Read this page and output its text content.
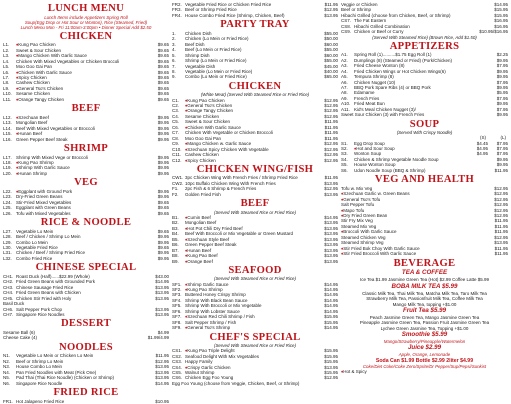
LUNCH MENU
Lunch Items include Appetizers Spring Roll
Soup(Egg Drop or Hot Sour or Wonton), Rice (Steamed, Fried)
Lunch Menu Mon - Fri 11:00am-3:00pm • Dinner Special Add $2.50
CHICKEN
L1.	♦ Kung Pao Chicken	$9.65
L2.	Sweet & Sour Chicken	$9.65
L3.	♦ Mango Chicken With Garlic Sauce	$9.65
L4.	Chicken With Mixed Vegetables or Chicken Broccoli	$9.65
L5.	Moo Goo Gai Pan	$9.65
L6.	♦ Chicken With Garlic Sauce	$9.65
L7.	♦ Spicy Chicken	$9.65
L8.	Cashew Chicken	$9.65
L9.	♦ General Tso's Chicken	$9.65
L10. Sesame Chicken	$9.65
L11.	♦ Orange Tangy Chicken	$9.65
BEEF
L12. ♦ Szechuan Beef	$9.95
L13. Mongolian Beef	$9.95
L14. Beef With Mixed Vegetables or Broccoli	$9.95
L15. ♦ Hunan Beef	$9.95
L16. Green Pepper Beef Steak	$9.95
SHRIMP
L17. Shrimp With Mixed Vege or Broccoli	$9.95
L18. ♦ Kung Pao Shrimp	$9.95
L19. ♦ Shrimp With Garlic Sauce	$9.95
L20. ♦ Hunan Shrimp	$9.95
VEG
L22. ♦ Eggplant with Ground Pork	$9.95
L23. Dry-Fried Green Beans	$9.95
L24. Stir-Fried Mixed Vegetables	$9.65
L25. Eggplant with Green Beans	$9.65
L26. Tofu with Mixed Vegetables	$9.65
RICE & NOODLE
L27. Vegetable Lo Mein	$9.65
L28. Beef / Chicken / Shrimp Lo Mein	$9.95
L29. Combo Lo Mein	$9.95
L30. Vegetable Fried Rice	$9.65
L31. Chicken / Beef / Shrimp Fried Rice	$9.95
L32. Combo Fried Rice	$9.95
CHINESE SPECIAL
CH1. Roast Duck (Half)......$22.99 (Whole)	$43.00
CH2. Fried Green Beans with Grounded Pork	$14.95
CH3. Chinese Sausage Fried Rice	$13.95
CH4. Fried Green Beans with Chicken	$13.95
CH5. Chicken Stir Fried with Holy	$13.95
Basil Duck
CH6. Salt Pepper Pork Chop	$13.95
CH7. Singapore Rice Noodles	$13.95
DESSERT
Sesame Ball (6)	$4.99
Cheese Cake (4)	$1.99/4.99
NOODLES
N1.	Vegetable Lo Mein or Chicken Lo Mein	$11.95
N2.	Beef or Shrimp Lo Mein	$12.95
N3.	House Combo Lo Mein	$13.95
N4.	Pan Fried Noodles with Meat (Pick One)	$13.95
N5.	Pad Thai (Thai Rice Noodle) (Chicken or Shrimp)	$13.95
N6.	Singapore Rice Noodle	$14.95
FRIED RICE
FR1. Hot Jalapeno Fried Rice	$10.95
FR2. Vegetable Fried Rice or Chicken Fried Rice	$11.95
FR3. Beef or Shrimp Fried Rice	$12.95
FR4. House Combo Fried Rice (Shrimp, Chicken, Beef)	$13.95
PARTY TRAY
1.	Chicken Dish	$55.00
2.	Chicken (Lo Mein or Fried Rice)	$50.00
3.	Beef Dish	$60.00
4.	Beef (Lo Mein or Fried Rice)	$55.00
5.	Shrimp Dish	$60.00
6.	Shrimp (Lo Mein or Fried Rice)	$55.00
7.	Vegetable Dish	$45.00
8.	Vegetable (Lo Mein or Fried Rice)	$40.00
9.	Combo (Lo Mein or Fried Rice)	$65.00
CHICKEN
(White Meat) (Served With Steamed Rice or Fried Rice)
C1.	♦ Kung Pao Chicken	$12.95
C2.	♦ General Tso's Chicken	$12.95
C3.	♦ Orange Tangy Chicken	$12.95
C4.	Sesame Chicken	$12.95
C5.	Sweet & Sour Chicken	$11.95
C6.	♦ Chicken With Garlic Sauce	$11.95
C7.	Chicken With Vegetable or Chicken Broccoli	$11.95
C8.	Moo Goo Gai Pan	$11.95
C9.	♦ Mango Chicken w. Garlic Sauce	$12.95
C10. ♦ Szechuan Spicy Chicken With Vegetable	$12.95
C11. Cashew Chicken	$12.95
C12. ♦ Spicy Chicken	$12.95
CHICKEN WING/FISH
CW1. 3pc Chicken Wing With French Fries / Shrimp Fried Rice	$11.95
CW2. 10pc Buffalo Chicken Wing With French Fries	$13.95
F1.	2pc Fish & 6 Shrimp & French Fries	$12.95
F2.	Golden Fried Fish	$13.95
BEEF
(Served With Steamed Rice or Fried Rice)
B1.	♦ Cumin Beef	$14.95
B2.	Mongolian Beef	$13.95
B3.	♦ Hot Pot Chili Dry Fried Beef	$13.95
B4.	Beef With Broccoli or Mix Vegetable or Green Mustard	$13.95
B5.	♦ Szechuan Style Beef	$13.95
B6.	Green Pepper Beef Steak	$13.95
B7.	♦ Hunan Beef	$13.95
B8.	♦ Kung Pao Beef	$13.95
B9.	♦ Orange Beef	$13.95
SEAFOOD
(Served With Steamed Rice or Fried Rice)
SF1. ♦ Shrimp Garlic Sauce	$14.95
SF2. ♦ Kung Pao Shrimp	$14.95
SF3. Buttered Honey Crispy Shrimp	$14.95
SF4. Shrimp With Black Bean Sauce	$14.95
SF5. Shrimp With Broccoli or Mix Vegetable	$14.95
SF6. Shrimp With Lobster Sauce	$14.95
SF7. ♦ Szechuan Red Chili Shrimp / Fish	$15.95
SF8. Salt Pepper Shrimp / Fish	$15.95
SF9. ♦ General Tso's Shrimp	$14.95
CHEF'S SPECIAL
(Served With Steamed Rice or Fried Rice)
CS1. ♦ Kung Pao Triple Delight	$15.95
CS2. Seafood Delight With Mix Vegetables	$15.95
CS3. Happy Family	$15.95
CS4. ♦ Crispy Garlic Chicken	$13.95
CS5. Walnut Shrimp	$15.95
CS6. Chicken Egg Foo Young	$12.95
Egg Foo Young (choose from Veggie, Chicken, Beef, or Shrimp)
Veggie or Chicken	$14.95
Beef or Shrimp	$15.95
Hibachi Grilled (choose from Chicken, Beef, or Shrimp)	$15.95
CS7. The Fat Eastern	$16.95
CS8. Hibachi Grilled Combination	$16.95
CS9. Chicken or Beef or Curry	$10.95/$16.95
(Served With Steamed Rice) (Brown Rice, Add $1.50)
APPETIZERS
A1.	Spring Roll (1)..........$1.75 Egg Roll (1)	$2.25
A2.	Dumplings (8) (Steamed or Fried) (Pork/Chicken)	$9.95
A3.	Fried Cheese Wonton (8)	$7.95
A4.	Fried Chicken Wings or Hot Chicken Wings(6)	$9.95
A5.	Tempura Shrimp (8)	$9.95
A6.	Chicken Nugget (10)	$7.95
A7.	BBQ Pork Spare Ribs (4) or BBQ Pork	$9.95
A8.	Edamame	$5.95
A9.	French Fries	$7.95
A10. Fried Meat Bun	$9.95
A11. Kid's Meal Chicken Nugget (3)/	$7.95
Sweet Sour Chicken (3) with French Fries	$9.95
SOUP
(Served With Crispy Noodle)
(S)	(L)
S1.	Egg Drop Soup	$4.45	$7.95
S2.	♦ Hot and Sour Soup	$4.95	$7.95
S3.	Wonton Soup	$4.95	$7.95
S4.	Chicken & Shrimp Vegetable Noodle Soup	$9.95
S5.	House Wonton Soup	$9.95
S6.	Udon Noodle Soup (BBQ & Shrimp)	$11.95
VEG AND HEALTH
Tofu w. Mix Veg	$12.95
♦ Szechuan Garlic w. Green Beans	$12.95
♦ General Tso's Tofu	$12.95
Salt Pepper Tofu	$12.95
♦ Mapo Tofu	$12.95
♦ Dry Fried Green Bean	$12.95
Stir Fry Mix Veg	$11.95
Steamed Mix Veg	$11.95
♦ Broccoli With Garlic Sauce	$11.95
Steamed Chicken Veg	$12.95
Steamed Shrimp Veg	$13.95
♦ Stir Fried Bok Choy With Garlic Sauce	$11.95
♦ Stir Fried Broccoli With Garlic Sauce	$11.95
BEVERAGE
TEA & COFFEE
Ice Tea $1.99 Jasmine Green Tea (Hot) $2.99 Coffee Latte $5.99
BOBA MILK TEA $5.99
Classic Milk Tea, Thai Milk Tea, Matcha Milk Tea, Taro Milk Tea
Strawberry Milk Tea, Passionfruit Milk Tea, Coffee Milk Tea
Mango Milk Tea, topping +$1.00
Fruit Tea $5.99
Peach Jasmine Green Tea, Mango Jasmine Green Tea
Pineapple Jasmine Green Tea, Passion Fruit Jasmine Green Tea
Lychee Green Jasmine Tea, Topping +$1.00
Smoothie $5.99
Mango/Strawberry/Pineapple/Watermelon
Juice $2.99
Apple, Orange, Lemonade
Soda Can $1.99 Bottle $2.99 2liter $4.99
Coke/Diet Coke/Coke Zero/Sprite/Dr Pepper/Sup/Pepsi/Sunkist
♦ Hot & Spicy
